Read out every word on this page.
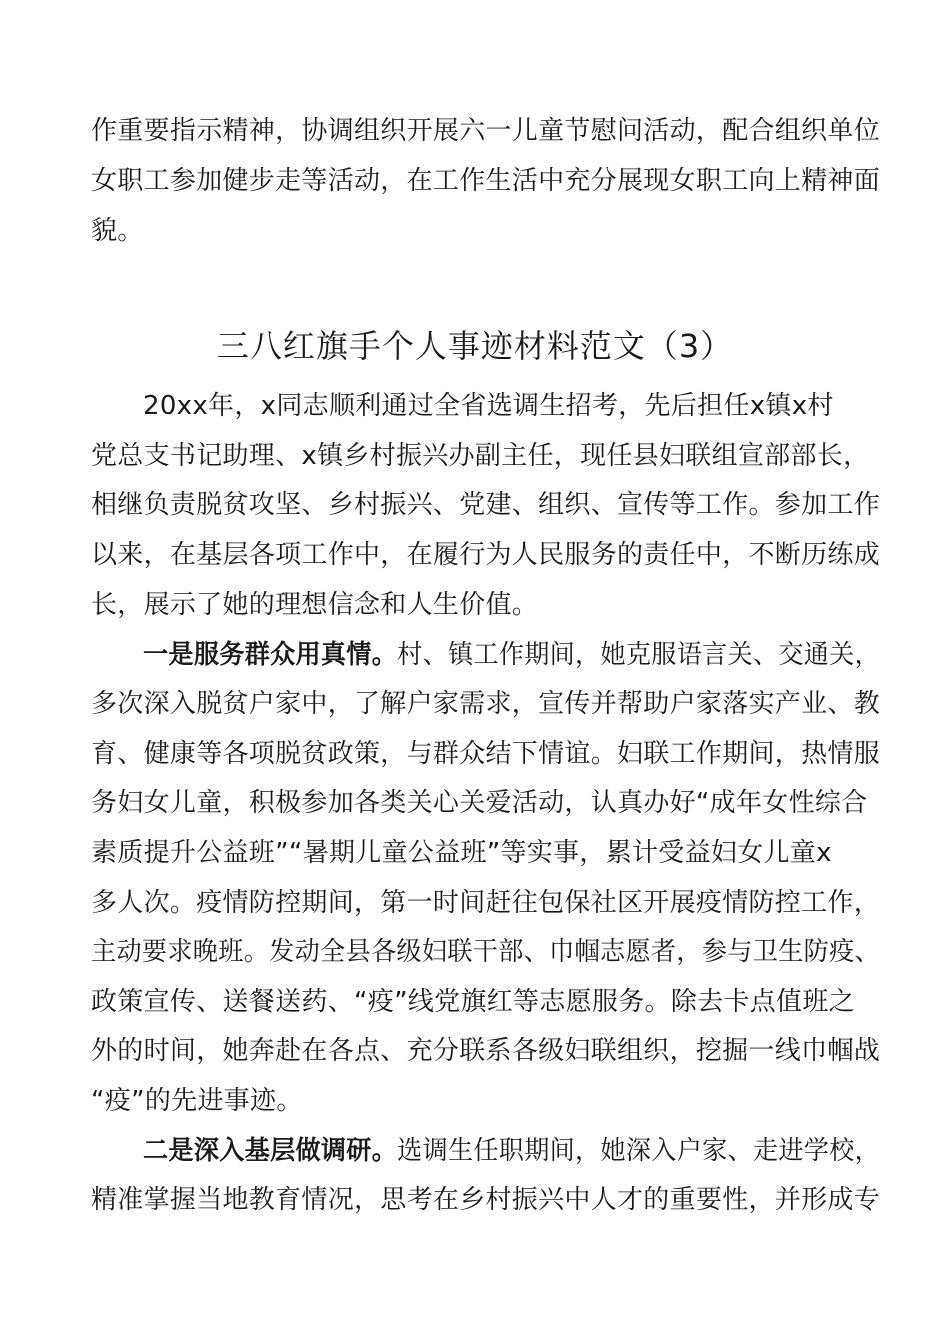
作重要指示精神，协调组织开展六一儿童节慰问活动，配合组织单位
女职工参加健步走等活动，在工作生活中充分展现女职工向上精神面
貌。
三八红旗手个人事迹材料范文（3）
20xx年，x同志顺利通过全省选调生招考，先后担任x镇x村
党总支书记助理、x镇乡村振兴办副主任，现任县妇联组宣部部长，
相继负责脱贫攻坚、乡村振兴、党建、组织、宣传等工作。参加工作
以来，在基层各项工作中，在履行为人民服务的责任中，不断历练成
长，展示了她的理想信念和人生价值。
一是服务群众用真情。村、镇工作期间，她克服语言关、交通关，
多次深入脱贫户家中，了解户家需求，宣传并帮助户家落实产业、教
育、健康等各项脱贫政策，与群众结下情谊。妇联工作期间，热情服
务妇女儿童，积极参加各类关心关爱活动，认真办好“成年女性综合
素质提升公益班”“暑期儿童公益班”等实事，累计受益妇女儿童x
多人次。疫情防控期间，第一时间赶往包保社区开展疫情防控工作，
主动要求晚班。发动全县各级妇联干部、巾帼志愿者，参与卫生防疫、
政策宣传、送餐送药、“疫”线党旗红等志愿服务。除去卡点值班之
外的时间，她奔赴在各点、充分联系各级妇联组织，挖掘一线巾帼战
“疫”的先进事迹。
二是深入基层做调研。选调生任职期间，她深入户家、走进学校，
精准掌握当地教育情况，思考在乡村振兴中人才的重要性，并形成专
